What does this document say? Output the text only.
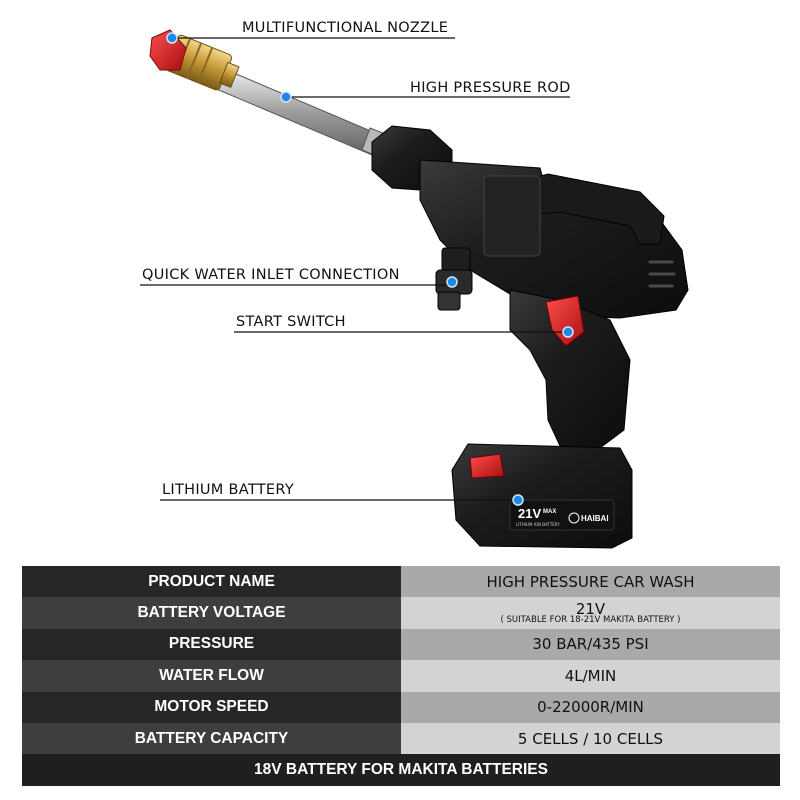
21V MAX
LITHIUM ION BATTERY
HAIBAI
MULTIFUNCTIONAL NOZZLE
HIGH PRESSURE ROD
QUICK WATER INLET CONNECTION
START SWITCH
LITHIUM BATTERY
PRODUCT NAME	HIGH PRESSURE CAR WASH
BATTERY VOLTAGE	21V
( SUITABLE FOR 18-21V MAKITA BATTERY )

PRESSURE	30 BAR/435 PSI
WATER FLOW	4L/MIN
MOTOR SPEED	0-22000R/MIN
BATTERY CAPACITY	5 CELLS / 10 CELLS
18V BATTERY FOR MAKITA BATTERIES	
